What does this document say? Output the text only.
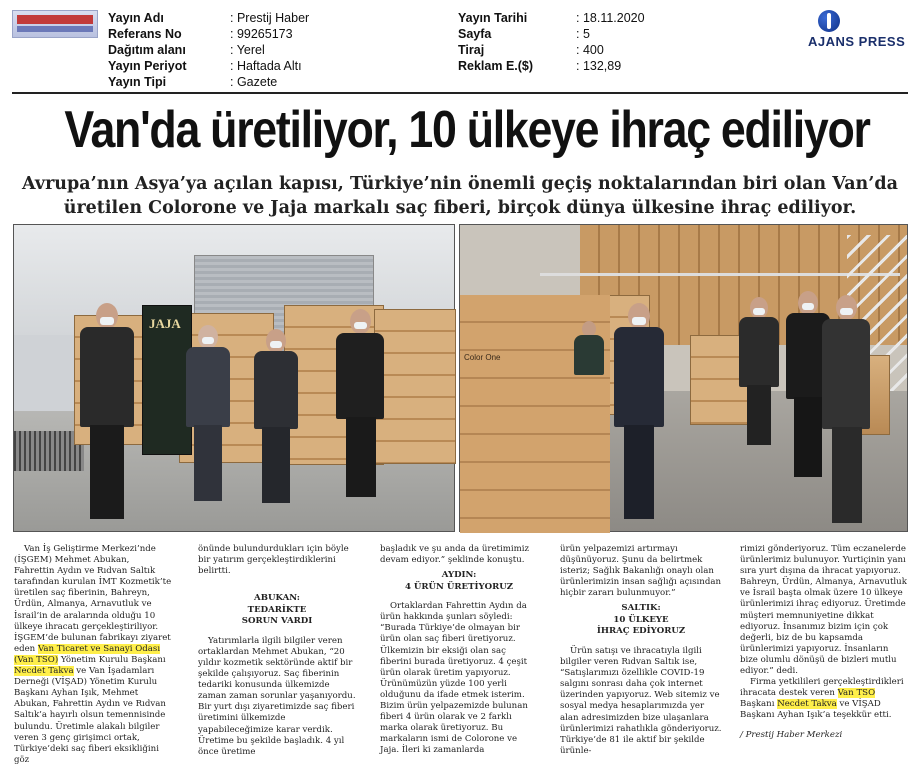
Yayın Adı	: Prestij Haber
Referans No	: 99265173
Dağıtım alanı	: Yerel
Yayın Periyot	: Haftada Altı
Yayın Tipi	: Gazete
Yayın Tarihi	: 18.11.2020
Sayfa	: 5
Tiraj	: 400
Reklam E.($)	: 132,89
AJANS PRESS
Van'da üretiliyor, 10 ülkeye ihraç ediliyor
Avrupa’nın Asya’ya açılan kapısı, Türkiye’nin önemli geçiş noktalarından biri olan Van’da üretilen Colorone ve Jaja markalı saç fiberi, birçok dünya ülkesine ihraç ediliyor.
JAJA
Color One

Van İş Geliştirme Merkezi’nde (İŞGEM) Mehmet Abukan, Fahrettin Aydın ve Rıdvan Saltık tarafından kurulan İMT Kozmetik’te üretilen saç fiberinin, Bahreyn, Ürdün, Almanya, Arnavutluk ve İsrail’in de aralarında olduğu 10 ülkeye ihracatı gerçekleştiriliyor. İŞGEM’de bulunan fabrikayı ziyaret eden Van Ticaret ve Sanayi Odası (Van TSO) Yönetim Kurulu Başkanı Necdet Takva ve Van İşadamları Derneği (VİŞAD) Yönetim Kurulu Başkanı Ayhan Işık, Mehmet Abukan, Fahrettin Aydın ve Rıdvan Saltık’a hayırlı olsun temennisinde bulundu. Üretimle alakalı bilgiler veren 3 genç girişimci ortak, Türkiye’deki saç fiberi eksikliğini göz

önünde bulundurdukları için böyle bir yatırım gerçekleştirdiklerini belirtti.

ABUKAN:
TEDARİKTE
SORUN VARDI

Yatırımlarla ilgili bilgiler veren ortaklardan Mehmet Abukan, “20 yıldır kozmetik sektöründe aktif bir şekilde çalışıyoruz. Saç fiberinin tedariki konusunda ülkemizde zaman zaman sorunlar yaşanıyordu. Bir yurt dışı ziyaretimizde saç fiberi üretimini ülkemizde yapabileceğimize karar verdik. Üretime bu şekilde başladık. 4 yıl önce üretime

başladık ve şu anda da üretimimiz devam ediyor.” şeklinde konuştu.

AYDIN:
4 ÜRÜN ÜRETİYORUZ

Ortaklardan Fahrettin Aydın da ürün hakkında şunları söyledi: “Burada Türkiye’de olmayan bir ürün olan saç fiberi üretiyoruz. Ülkemizin bir eksiği olan saç fiberini burada üretiyoruz. 4 çeşit ürün olarak üretim yapıyoruz. Ürünümüzün yüzde 100 yerli olduğunu da ifade etmek isterim. Bizim ürün yelpazemizde bulunan fiberi 4 ürün olarak ve 2 farklı marka olarak üretiyoruz. Bu markaların ismi de Colorone ve Jaja. İleri ki zamanlarda

ürün yelpazemizi artırmayı düşünüyoruz. Şunu da belirtmek isteriz; Sağlık Bakanlığı onaylı olan ürünlerimizin insan sağlığı açısından hiçbir zararı bulunmuyor.”

SALTIK:
10 ÜLKEYE
İHRAÇ EDİYORUZ

Ürün satışı ve ihracatıyla ilgili bilgiler veren Rıdvan Saltık ise, “Satışlarımızı özellikle COVID-19 salgını sonrası daha çok internet üzerinden yapıyoruz. Web sitemiz ve sosyal medya hesaplarımızda yer alan adresimizden bize ulaşanlara ürünlerimizi rahatlıkla gönderiyoruz. Türkiye’de 81 ile aktif bir şekilde ürünle-

rimizi gönderiyoruz. Tüm eczanelerde ürünlerimiz bulunuyor. Yurtiçinin yanı sıra yurt dışına da ihracat yapıyoruz. Bahreyn, Ürdün, Almanya, Arnavutluk ve İsrail başta olmak üzere 10 ülkeye ürünlerimizi ihraç ediyoruz. Üretimde müşteri memnuniyetine dikkat ediyoruz. İnsanımız bizim için çok değerli, biz de bu kapsamda ürünlerimizi yapıyoruz. İnsanların bize olumlu dönüşü de bizleri mutlu ediyor.” dedi.

Firma yetkilileri gerçekleştirdikleri ihracata destek veren Van TSO Başkanı Necdet Takva ve VİŞAD Başkanı Ayhan Işık’a teşekkür etti.

/ Prestij Haber Merkezi
